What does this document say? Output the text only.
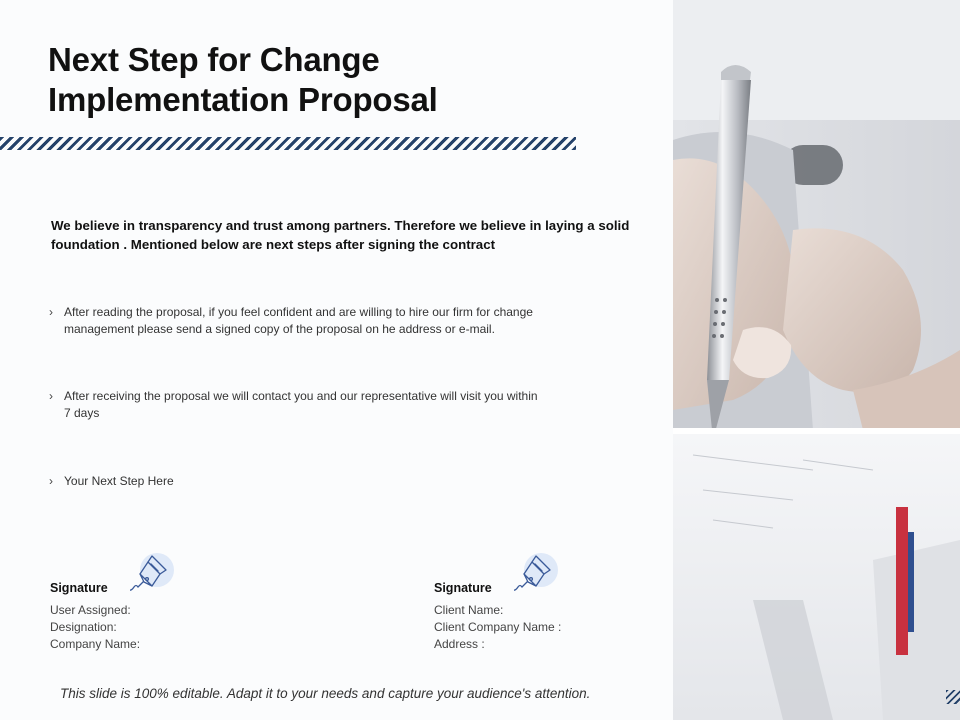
Next Step for Change
Implementation Proposal

We believe in transparency and trust among partners. Therefore we believe in laying a solid foundation . Mentioned below are next steps after signing the contract

› After reading the proposal, if you feel confident and are willing to hire our firm for change management please send a signed copy of the proposal on he address or e-mail.

› After receiving the proposal we will contact you and our representative will visit you within 7 days

› Your Next Step Here

Signature
User Assigned:
Designation:
Company Name:
Signature
Client Name:
Client Company Name :
Address :
This slide is 100% editable. Adapt it to your needs and capture your audience's attention.
